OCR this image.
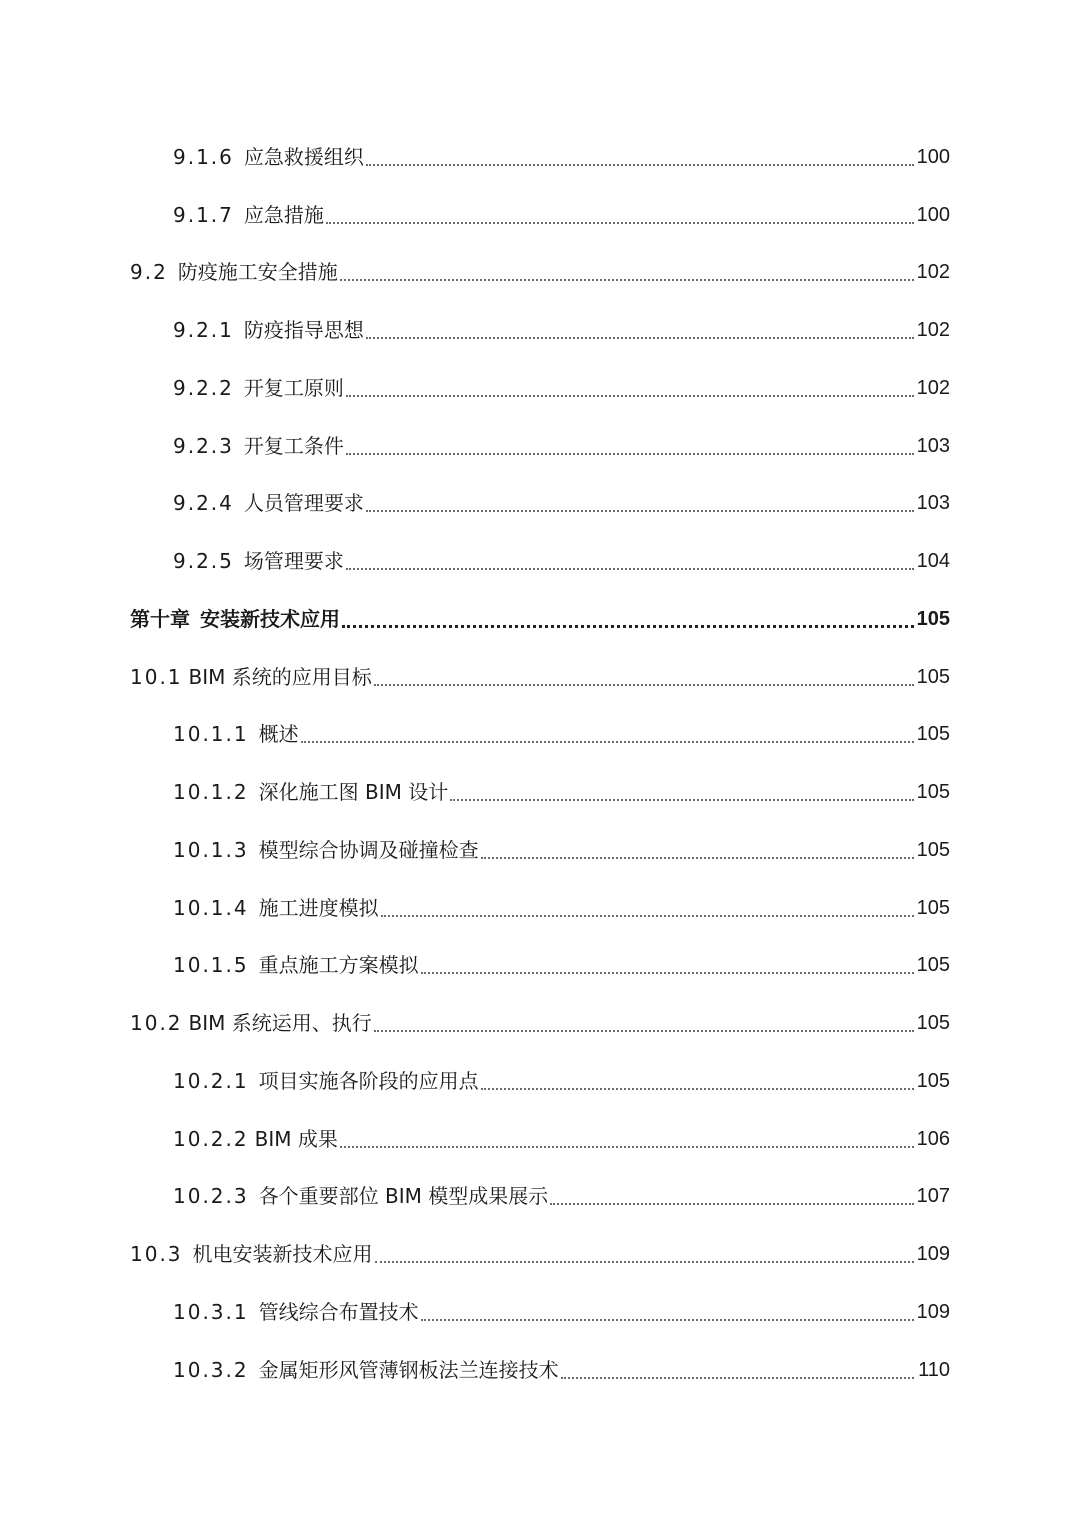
9.1.6 应急救援组织	100
9.1.7 应急措施	100
9.2 防疫施工安全措施	102
9.2.1 防疫指导思想	102
9.2.2 开复工原则	102
9.2.3 开复工条件	103
9.2.4 人员管理要求	103
9.2.5 场管理要求	104
第十章 安装新技术应用	105
10.1 BIM 系统的应用目标	105
10.1.1 概述	105
10.1.2 深化施工图 BIM 设计	105
10.1.3 模型综合协调及碰撞检查	105
10.1.4 施工进度模拟	105
10.1.5 重点施工方案模拟	105
10.2 BIM 系统运用、执行	105
10.2.1 项目实施各阶段的应用点	105
10.2.2 BIM 成果	106
10.2.3 各个重要部位 BIM 模型成果展示	107
10.3 机电安装新技术应用	109
10.3.1 管线综合布置技术	109
10.3.2 金属矩形风管薄钢板法兰连接技术	110
